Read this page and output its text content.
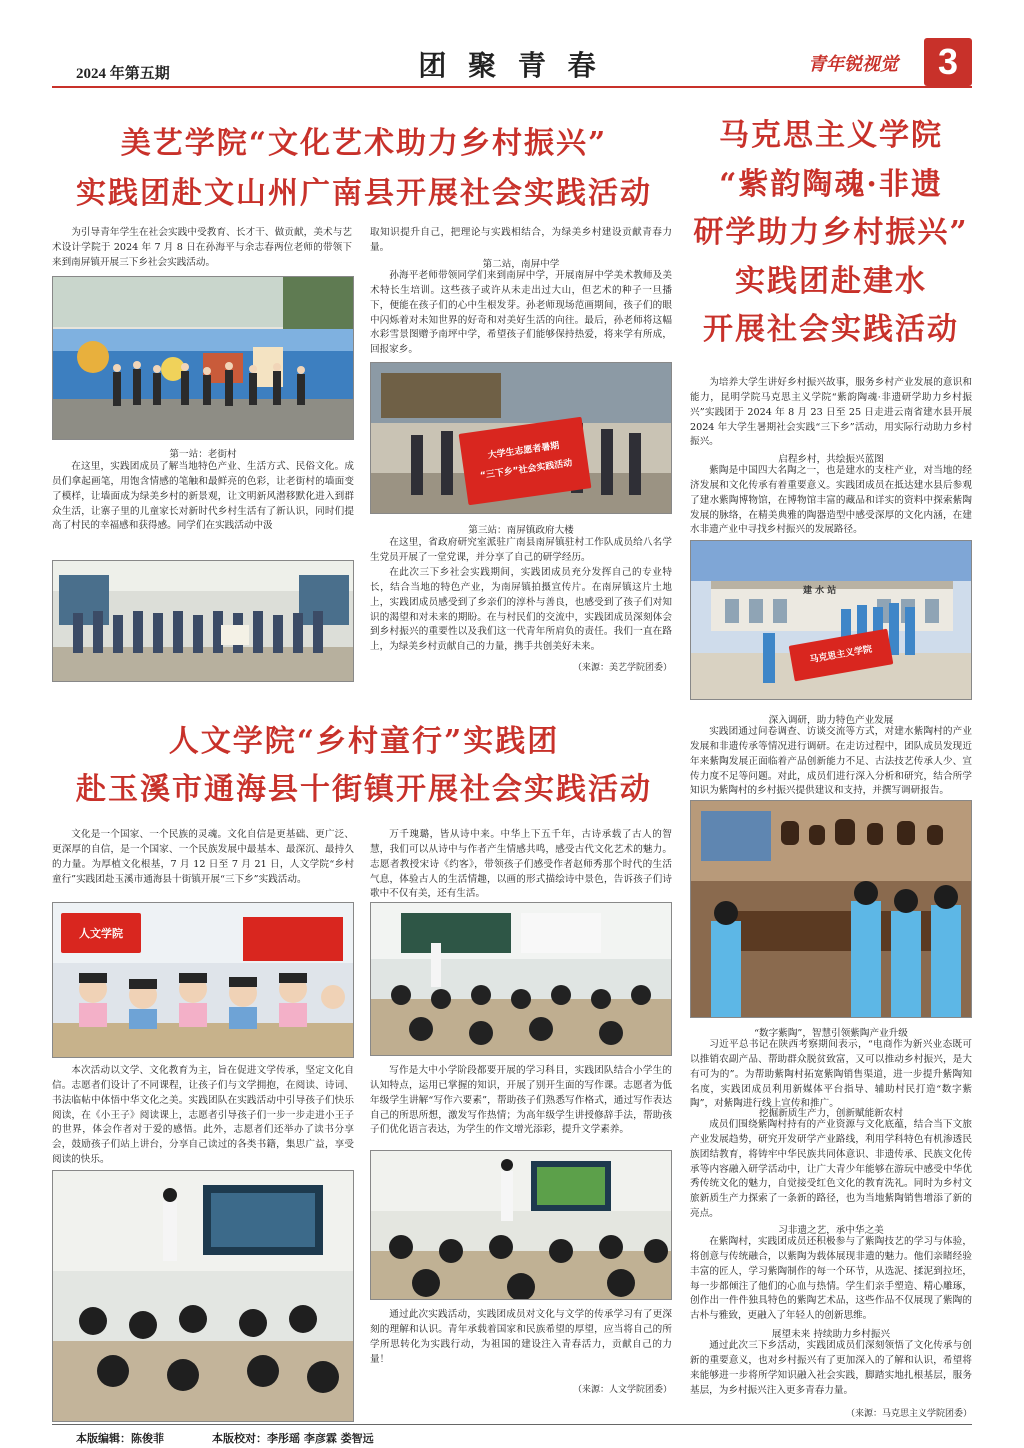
2024 年第五期	团 聚 青 春	青年锐视觉	3
美艺学院“文化艺术助力乡村振兴”
实践团赴文山州广南县开展社会实践活动

为引导青年学生在社会实践中受教育、长才干、做贡献，美术与艺术设计学院于 2024 年 7 月 8 日在孙海平与余志春两位老师的带领下来到南屏镇开展三下乡社会实践活动。

第一站：老街村

在这里，实践团成员了解当地特色产业、生活方式、民俗文化。成员们拿起画笔，用饱含情感的笔触和最鲜亮的色彩，让老街村的墙面变了模样，让墙面成为绿美乡村的新景观，让文明新风潜移默化进入到群众生活，让寨子里的儿童家长对新时代乡村生活有了新认识，同时们提高了村民的幸福感和获得感。同学们在实践活动中汲

取知识提升自己，把理论与实践相结合，为绿美乡村建设贡献青春力量。

第二站，南屏中学

孙海平老师带领同学们来到南屏中学，开展南屏中学美术教师及美术特长生培训。这些孩子或许从未走出过大山，但艺术的种子一旦播下，便能在孩子们的心中生根发芽。孙老师现场范画期间，孩子们的眼中闪烁着对未知世界的好奇和对美好生活的向往。最后，孙老师将这幅水彩雪景图赠予南坪中学，希望孩子们能够保持热爱，将来学有所成，回报家乡。

大学生志愿者暑期
“三下乡”社会实践活动
第三站：南屏镇政府大楼

在这里，省政府研究室派驻广南县南屏镇驻村工作队成员给八名学生党员开展了一堂党课，并分享了自己的研学经历。

在此次三下乡社会实践期间，实践团成员充分发挥自己的专业特长，结合当地的特色产业，为南屏镇拍摄宣传片。在南屏镇这片土地上，实践团成员感受到了乡亲们的淳朴与善良，也感受到了孩子们对知识的渴望和对未来的期盼。在与村民们的交流中，实践团成员深刻体会到乡村振兴的重要性以及我们这一代青年所肩负的责任。我们一直在路上，为绿美乡村贡献自己的力量，携手共创美好未来。

（来源：美艺学院团委）
马克思主义学院
“紫韵陶魂·非遗
研学助力乡村振兴”
实践团赴建水
开展社会实践活动

为培养大学生讲好乡村振兴故事，服务乡村产业发展的意识和能力，昆明学院马克思主义学院“紫韵陶魂·非遗研学助力乡村振兴”实践团于 2024 年 8 月 23 日至 25 日走进云南省建水县开展 2024 年大学生暑期社会实践“三下乡”活动，用实际行动助力乡村振兴。

启程乡村，共绘振兴蓝图

紫陶是中国四大名陶之一，也是建水的支柱产业，对当地的经济发展和文化传承有着重要意义。实践团成员在抵达建水县后参观了建水紫陶博物馆，在博物馆丰富的藏品和详实的资料中探索紫陶发展的脉络，在精美典雅的陶器造型中感受深厚的文化内涵，在建水非遗产业中寻找乡村振兴的发展路径。

建 水 站
马克思主义学院
深入调研，助力特色产业发展

实践团通过问卷调查、访谈交流等方式，对建水紫陶村的产业发展和非遗传承等情况进行调研。在走访过程中，团队成员发现近年来紫陶发展正面临着产品创新能力不足、古法技艺传承人少、宣传力度不足等问题。对此，成员们进行深入分析和研究，结合所学知识为紫陶村的乡村振兴提供建议和支持，并撰写调研报告。

“数字紫陶”，智慧引领紫陶产业升级

习近平总书记在陕西考察期间表示，“电商作为新兴业态既可以推销农副产品、帮助群众脱贫致富，又可以推动乡村振兴，是大有可为的”。为帮助紫陶村拓宽紫陶销售渠道，进一步提升紫陶知名度，实践团成员利用新媒体平台指导、辅助村民打造“数字紫陶”，对紫陶进行线上宣传和推广。

挖掘新质生产力，创新赋能新农村

成员们围绕紫陶村持有的产业资源与文化底蕴，结合当下文旅产业发展趋势，研究开发研学产业路线，利用学科特色有机渗透民族团结教育，将铸牢中华民族共同体意识、非遗传承、民族文化传承等内容融入研学活动中，让广大青少年能够在游玩中感受中华优秀传统文化的魅力，自觉接受红色文化的教育洗礼。同时为乡村文旅新质生产力探索了一条新的路径，也为当地紫陶销售增添了新的亮点。

习非遗之艺，承中华之美

在紫陶村，实践团成员还积极参与了紫陶技艺的学习与体验，将创意与传统融合，以紫陶为载体展现非遗的魅力。他们亲睹经验丰富的匠人，学习紫陶制作的每一个环节，从选泥、揉泥到拉坯，每一步都倾注了他们的心血与热情。学生们亲手塑造、精心雕琢，创作出一件件独具特色的紫陶艺术品，这些作品不仅展现了紫陶的古朴与雅致，更融入了年轻人的创新思维。

展望未来 持续助力乡村振兴

通过此次三下乡活动，实践团成员们深刻领悟了文化传承与创新的重要意义，也对乡村振兴有了更加深入的了解和认识，希望将来能够进一步将所学知识融入社会实践，脚踏实地扎根基层，服务基层，为乡村振兴注入更多青春力量。

（来源：马克思主义学院团委）
人文学院“乡村童行”实践团
赴玉溪市通海县十街镇开展社会实践活动

文化是一个国家、一个民族的灵魂。文化自信是更基础、更广泛、更深厚的自信，是一个国家、一个民族发展中最基本、最深沉、最持久的力量。为厚植文化根基，7 月 12 日至 7 月 21 日，人文学院“乡村童行”实践团赴玉溪市通海县十街镇开展“三下乡”实践活动。

人文学院

本次活动以文学、文化教育为主，旨在促进文学传承，坚定文化自信。志愿者们设计了不同课程，让孩子们与文学拥抱，在阅读、诗词、书法临帖中体悟中华文化之美。实践团队在实践活动中引导孩子们快乐阅读，在《小王子》阅读课上，志愿者引导孩子们一步一步走进小王子的世界，体会作者对于爱的感悟。此外，志愿者们还举办了读书分享会，鼓励孩子们站上讲台，分享自己读过的各类书籍，集思广益，享受阅读的快乐。

万千瑰璐，皆从诗中来。中华上下五千年，古诗承载了古人的智慧，我们可以从诗中与作者产生情感共鸣，感受古代文化艺术的魅力。志愿者教授宋诗《约客》，带领孩子们感受作者赵师秀那个时代的生活气息，体验古人的生活情趣，以画的形式描绘诗中景色，告诉孩子们诗歌中不仅有美，还有生活。

写作是大中小学阶段都要开展的学习科目，实践团队结合小学生的认知特点，运用已掌握的知识，开展了别开生面的写作课。志愿者为低年级学生讲解“写作六要素”，帮助孩子们熟悉写作格式，通过写作表达自己的所思所想，激发写作热情；为高年级学生讲授修辞手法，帮助孩子们优化语言表达，为学生的作文增光添彩，提升文学素养。

通过此次实践活动，实践团成员对文化与文学的传承学习有了更深刻的理解和认识。青年承载着国家和民族希望的厚望，应当将自己的所学所思转化为实践行动，为祖国的建设注入青春活力，贡献自己的力量！

（来源：人文学院团委）
本版编辑：陈俊菲	本版校对：李彤瑶 李彦霖 娄智远
